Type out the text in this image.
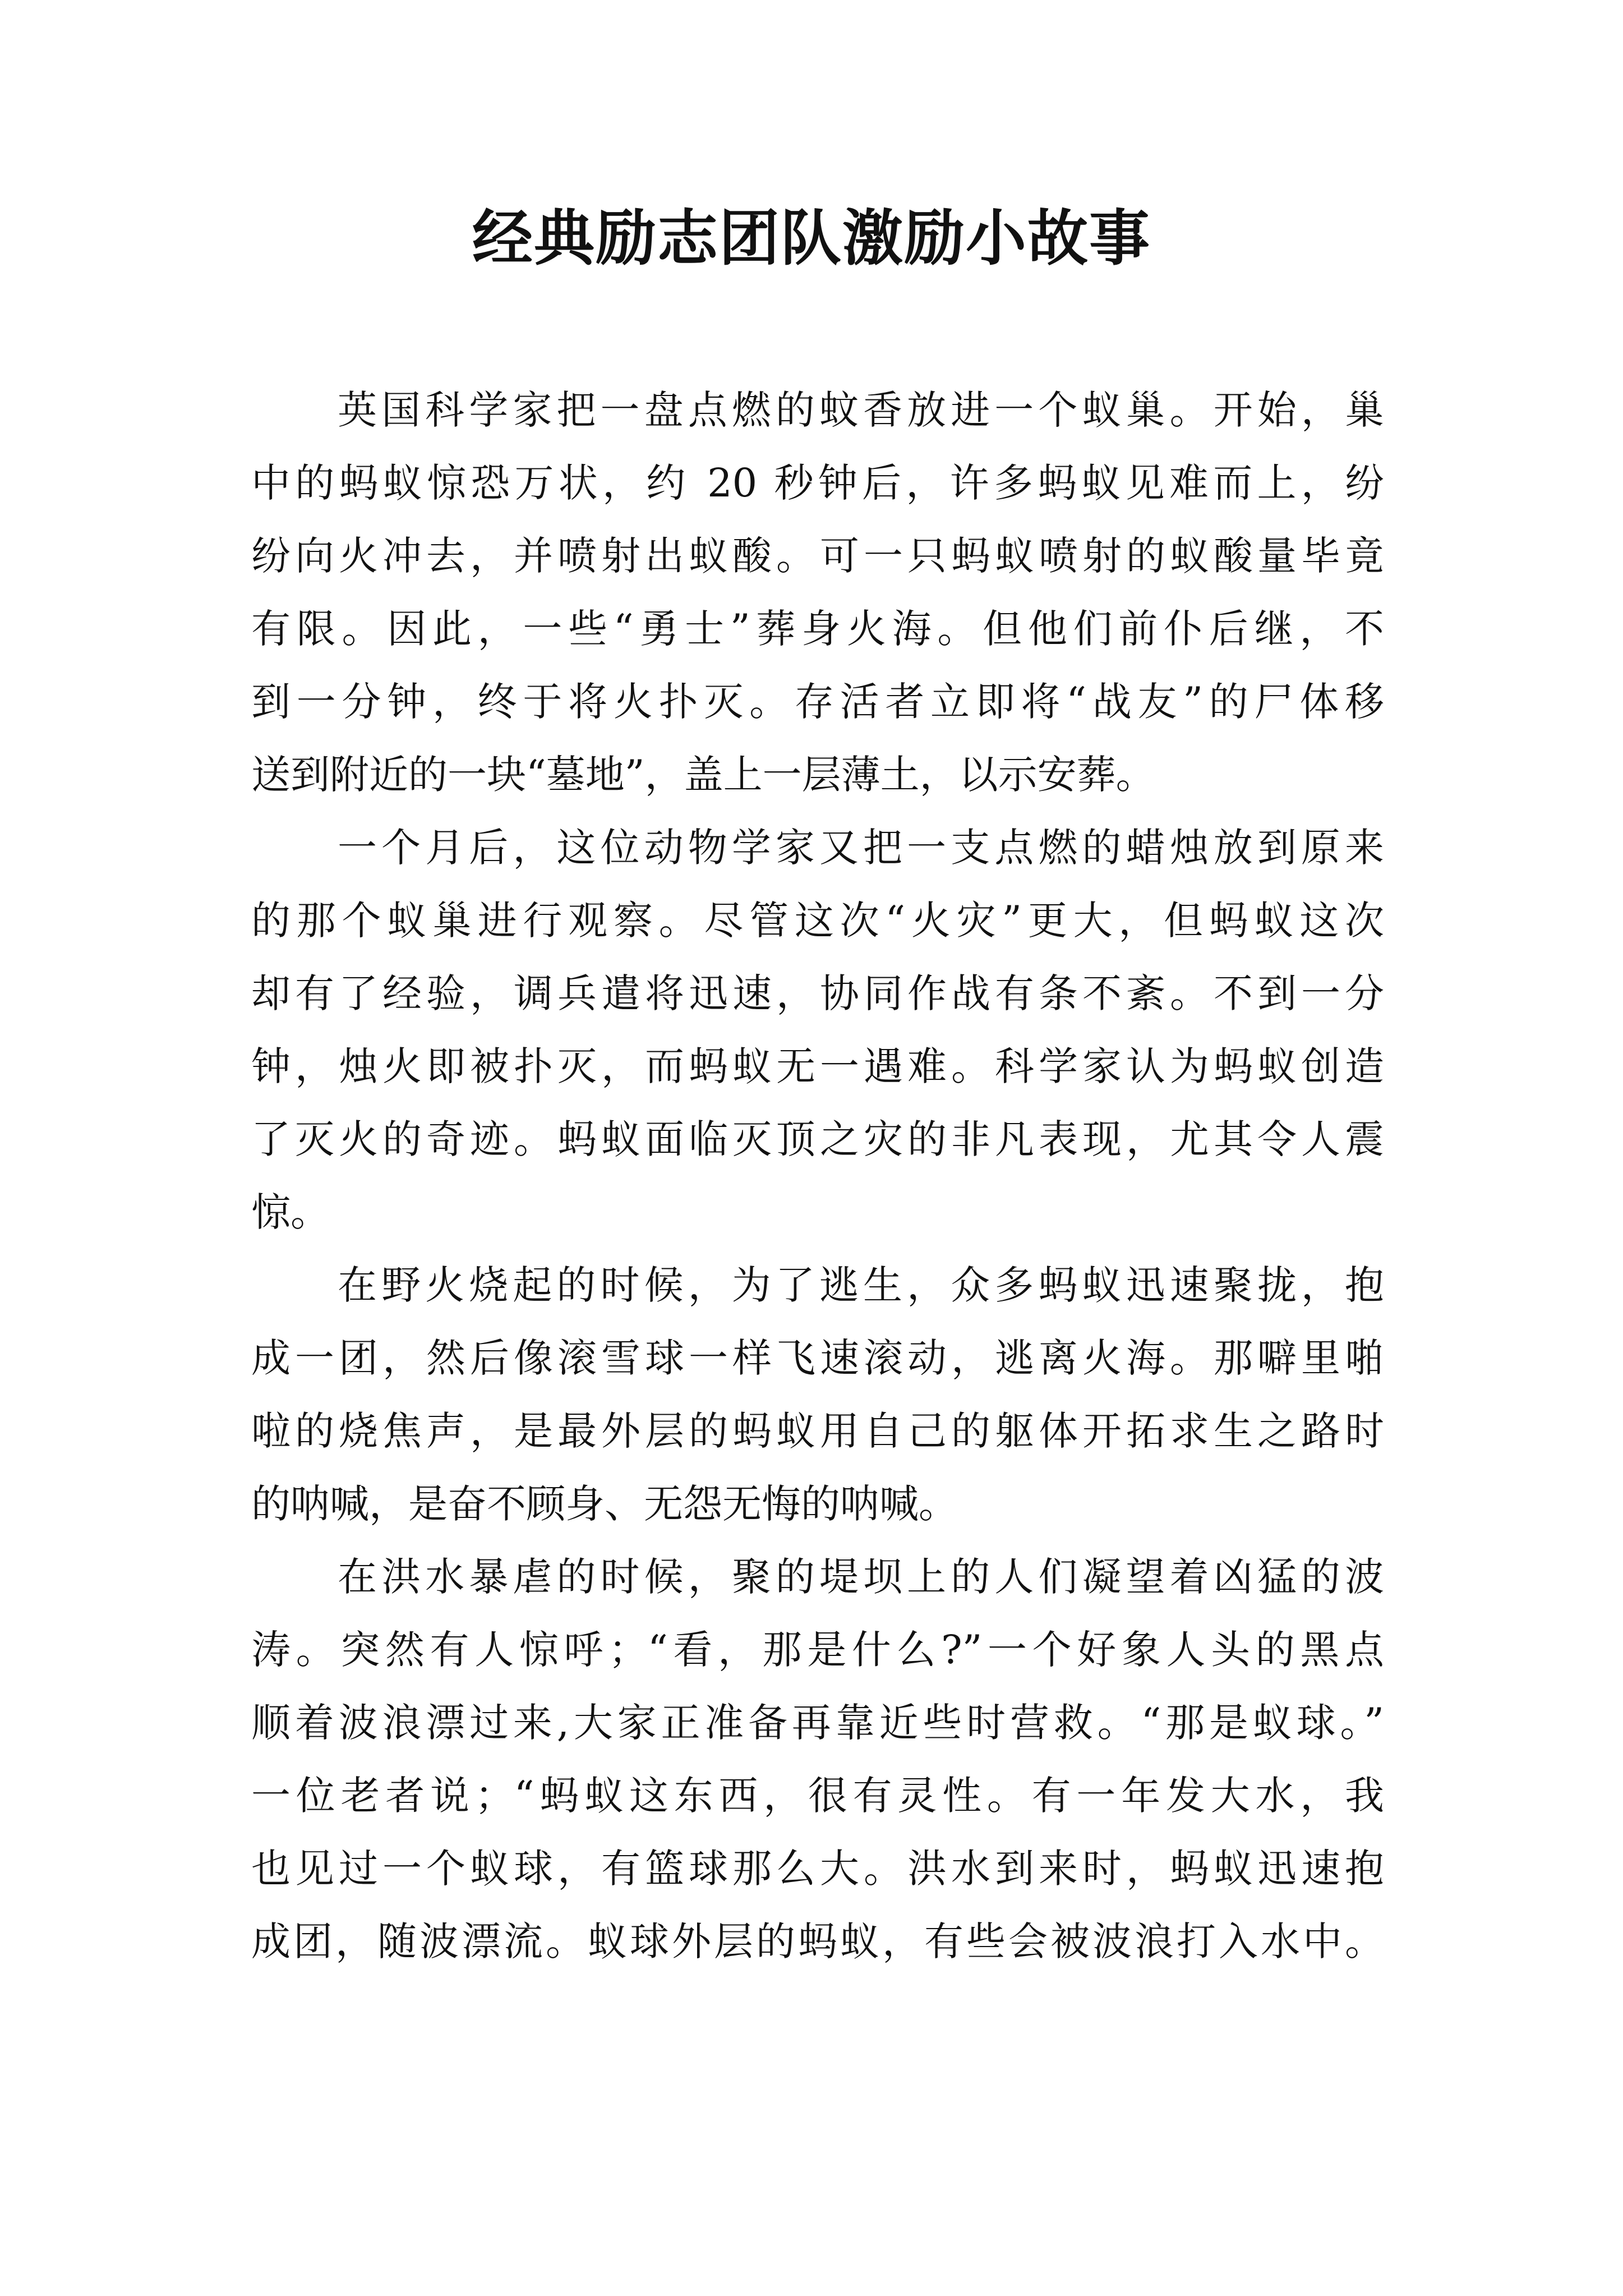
经典励志团队激励小故事
英国科学家把一盘点燃的蚊香放进一个蚁巢。开始，巢
中的蚂蚁惊恐万状，约 20 秒钟后，许多蚂蚁见难而上，纷
纷向火冲去，并喷射出蚁酸。可一只蚂蚁喷射的蚁酸量毕竟
有限。因此，一些“勇士”葬身火海。但他们前仆后继，不
到一分钟，终于将火扑灭。存活者立即将“战友”的尸体移
送到附近的一块“墓地”，盖上一层薄土，以示安葬。
一个月后，这位动物学家又把一支点燃的蜡烛放到原来
的那个蚁巢进行观察。尽管这次“火灾”更大，但蚂蚁这次
却有了经验，调兵遣将迅速，协同作战有条不紊。不到一分
钟，烛火即被扑灭，而蚂蚁无一遇难。科学家认为蚂蚁创造
了灭火的奇迹。蚂蚁面临灭顶之灾的非凡表现，尤其令人震
惊。
在野火烧起的时候，为了逃生，众多蚂蚁迅速聚拢，抱
成一团，然后像滚雪球一样飞速滚动，逃离火海。那噼里啪
啦的烧焦声，是最外层的蚂蚁用自己的躯体开拓求生之路时
的呐喊，是奋不顾身、无怨无悔的呐喊。
在洪水暴虐的时候，聚的堤坝上的人们凝望着凶猛的波
涛。突然有人惊呼；“看，那是什么?”一个好象人头的黑点
顺着波浪漂过来,大家正准备再靠近些时营救。“那是蚁球。”
一位老者说；“蚂蚁这东西，很有灵性。有一年发大水，我
也见过一个蚁球，有篮球那么大。洪水到来时，蚂蚁迅速抱
成团，随波漂流。蚁球外层的蚂蚁，有些会被波浪打入水中。
